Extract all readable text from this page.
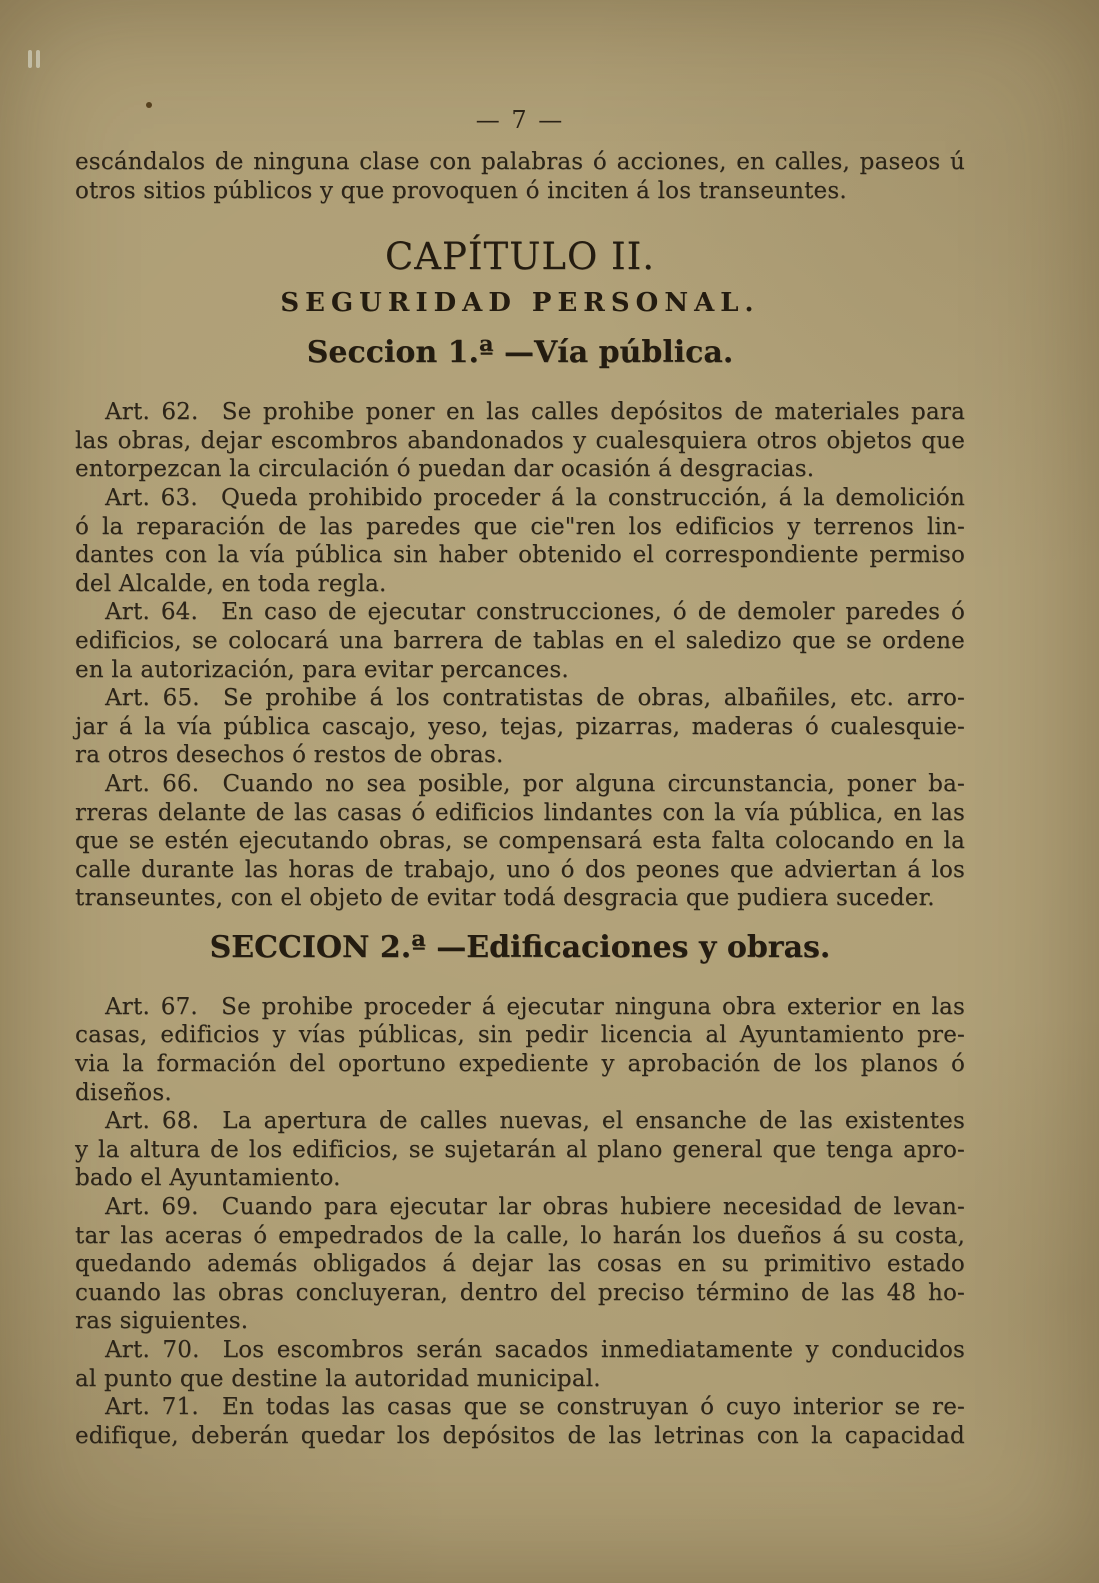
— 7 —
escándalos de ninguna clase con palabras ó acciones, en calles, paseos ú
otros sitios públicos y que provoquen ó inciten á los transeuntes.
CAPÍTULO II.
SEGURIDAD PERSONAL.
Seccion 1.ª —Vía pública.
Art. 62. Se prohibe poner en las calles depósitos de materiales para
las obras, dejar escombros abandonados y cualesquiera otros objetos que
entorpezcan la circulación ó puedan dar ocasión á desgracias.
Art. 63. Queda prohibido proceder á la construcción, á la demolición
ó la reparación de las paredes que cie"ren los edificios y terrenos lin-
dantes con la vía pública sin haber obtenido el correspondiente permiso
del Alcalde, en toda regla.
Art. 64. En caso de ejecutar construcciones, ó de demoler paredes ó
edificios, se colocará una barrera de tablas en el saledizo que se ordene
en la autorización, para evitar percances.
Art. 65. Se prohibe á los contratistas de obras, albañiles, etc. arro-
jar á la vía pública cascajo, yeso, tejas, pizarras, maderas ó cualesquie-
ra otros desechos ó restos de obras.
Art. 66. Cuando no sea posible, por alguna circunstancia, poner ba-
rreras delante de las casas ó edificios lindantes con la vía pública, en las
que se estén ejecutando obras, se compensará esta falta colocando en la
calle durante las horas de trabajo, uno ó dos peones que adviertan á los
transeuntes, con el objeto de evitar todá desgracia que pudiera suceder.
SECCION 2.ª —Edificaciones y obras.
Art. 67. Se prohibe proceder á ejecutar ninguna obra exterior en las
casas, edificios y vías públicas, sin pedir licencia al Ayuntamiento pre-
via la formación del oportuno expediente y aprobación de los planos ó
diseños.
Art. 68. La apertura de calles nuevas, el ensanche de las existentes
y la altura de los edificios, se sujetarán al plano general que tenga apro-
bado el Ayuntamiento.
Art. 69. Cuando para ejecutar lar obras hubiere necesidad de levan-
tar las aceras ó empedrados de la calle, lo harán los dueños á su costa,
quedando además obligados á dejar las cosas en su primitivo estado
cuando las obras concluyeran, dentro del preciso término de las 48 ho-
ras siguientes.
Art. 70. Los escombros serán sacados inmediatamente y conducidos
al punto que destine la autoridad municipal.
Art. 71. En todas las casas que se construyan ó cuyo interior se re-
edifique, deberán quedar los depósitos de las letrinas con la capacidad
